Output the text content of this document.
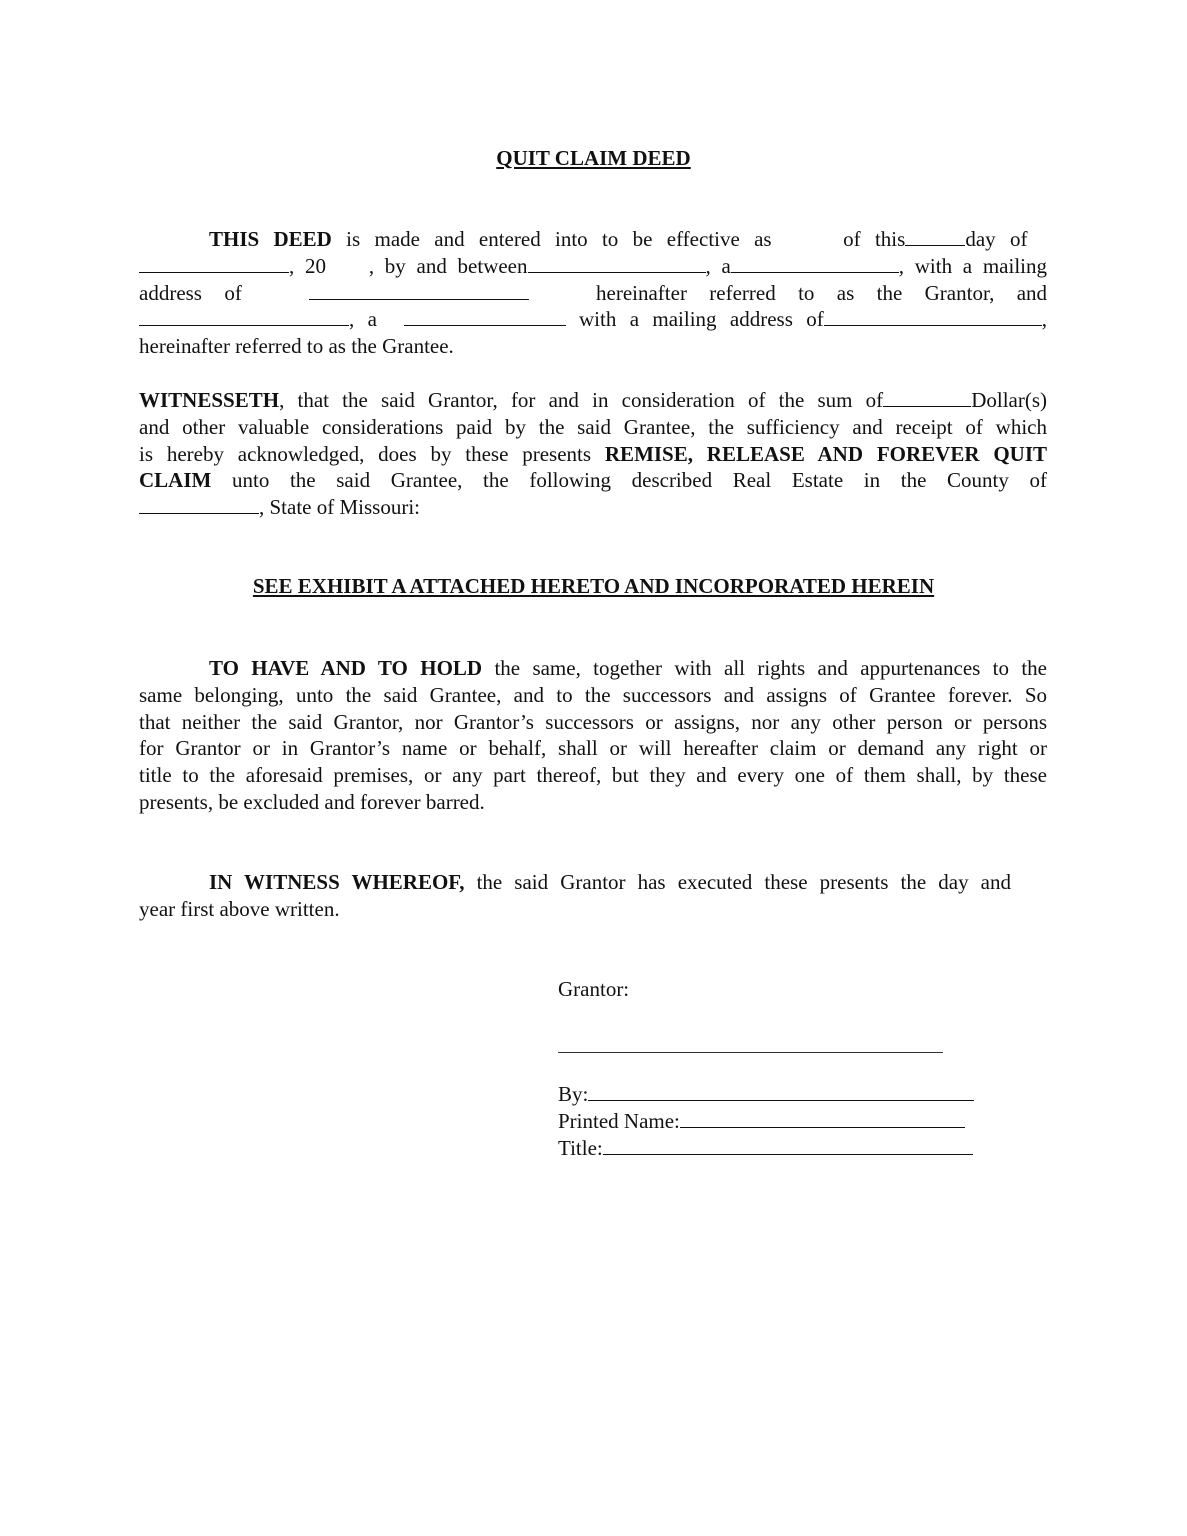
QUIT CLAIM DEED
THIS DEED is made and entered into to be effective as	of this	day of
, 20 , by and between	, a	, with a mailing
address of	hereinafter referred to as the Grantor, and
, a	with a mailing address of	,
hereinafter referred to as the Grantee.
WITNESSETH, that the said Grantor, for and in consideration of the sum of	Dollar(s)
and other valuable considerations paid by the said Grantee, the sufficiency and receipt of which
is hereby acknowledged, does by these presents REMISE, RELEASE AND FOREVER QUIT
CLAIM unto the said Grantee, the following described Real Estate in the County of
, State of Missouri:
SEE EXHIBIT A ATTACHED HERETO AND INCORPORATED HEREIN
TO HAVE AND TO HOLD the same, together with all rights and appurtenances to the
same belonging, unto the said Grantee, and to the successors and assigns of Grantee forever. So
that neither the said Grantor, nor Grantor’s successors or assigns, nor any other person or persons
for Grantor or in Grantor’s name or behalf, shall or will hereafter claim or demand any right or
title to the aforesaid premises, or any part thereof, but they and every one of them shall, by these
presents, be excluded and forever barred.
IN WITNESS WHEREOF, the said Grantor has executed these presents the day and
year first above written.
Grantor:
By:
Printed Name:
Title:
